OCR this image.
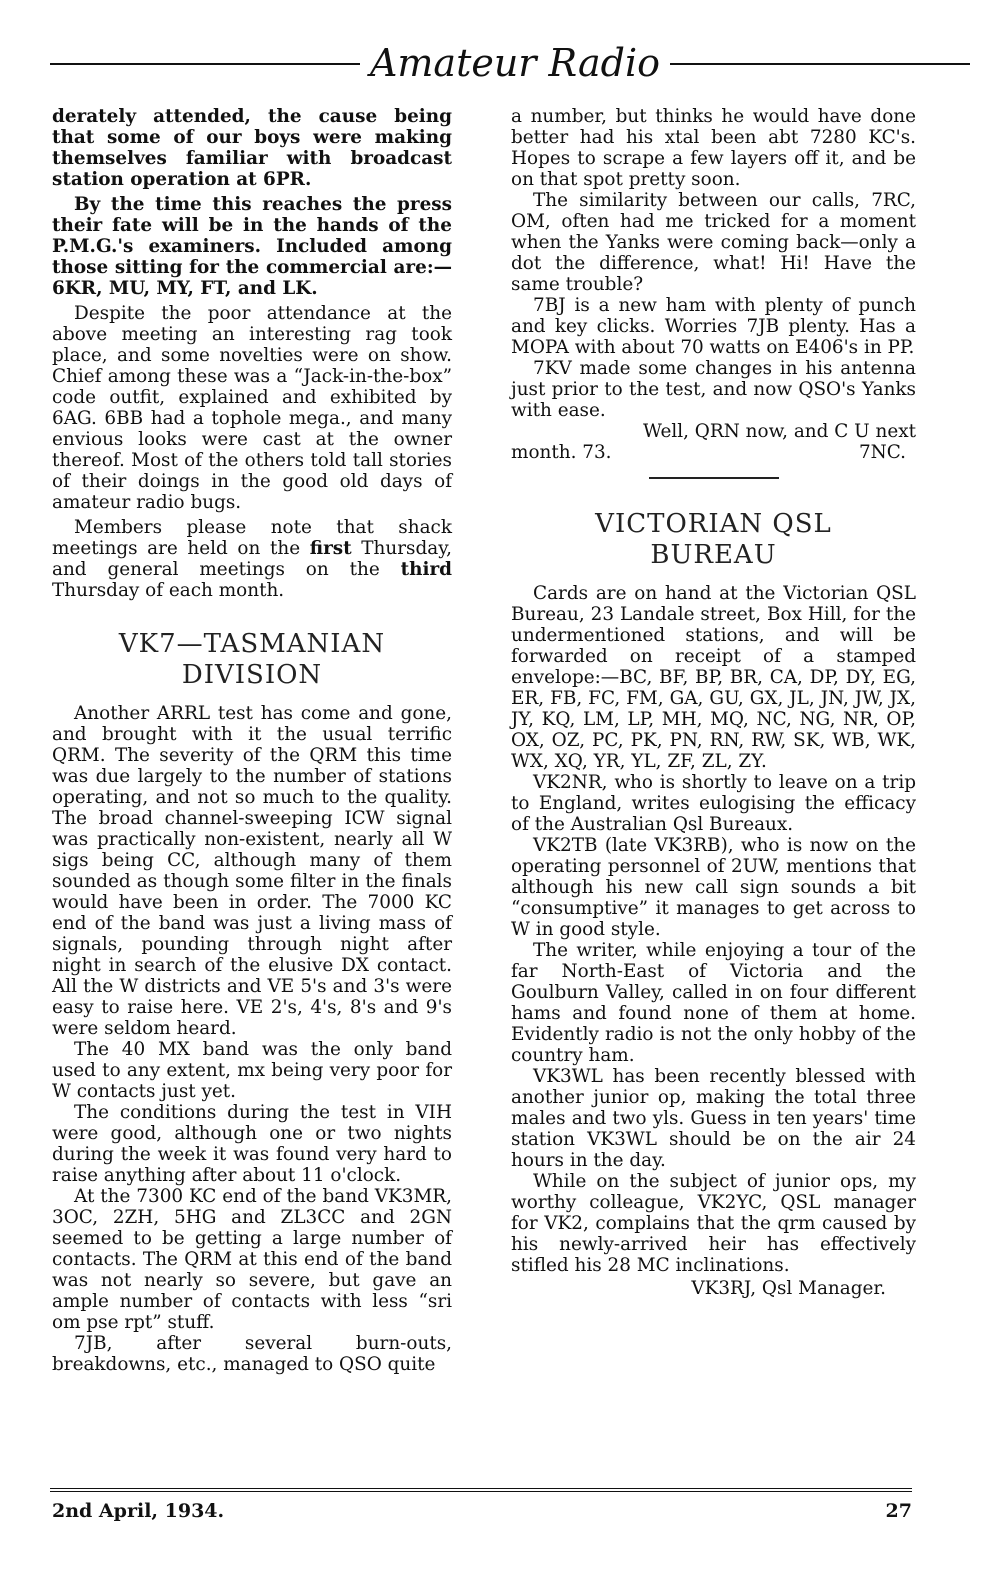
Amateur Radio

derately attended, the cause being that some of our boys were making themselves familiar with broadcast station operation at 6PR.

By the time this reaches the press their fate will be in the hands of the P.M.G.'s examiners. Included among those sitting for the commercial are:— 6KR, MU, MY, FT, and LK.

Despite the poor attendance at the above meeting an interesting rag took place, and some novelties were on show. Chief among these was a “Jack-in-the-box” code outfit, explained and exhibited by 6AG. 6BB had a tophole mega., and many envious looks were cast at the owner thereof. Most of the others told tall stories of their doings in the good old days of amateur radio bugs.

Members please note that shack meetings are held on the first Thursday, and general meetings on the third Thursday of each month.

VK7—TASMANIAN
DIVISION

Another ARRL test has come and gone, and brought with it the usual terrific QRM. The severity of the QRM this time was due largely to the number of stations operating, and not so much to the quality. The broad channel-sweeping ICW signal was practically non-existent, nearly all W sigs being CC, although many of them sounded as though some filter in the finals would have been in order. The 7000 KC end of the band was just a living mass of signals, pounding through night after night in search of the elusive DX contact. All the W districts and VE 5's and 3's were easy to raise here. VE 2's, 4's, 8's and 9's were seldom heard.

The 40 MX band was the only band used to any extent, mx being very poor for W contacts just yet.

The conditions during the test in VIH were good, although one or two nights during the week it was found very hard to raise anything after about 11 o'clock.

At the 7300 KC end of the band VK3MR, 3OC, 2ZH, 5HG and ZL3CC and 2GN seemed to be getting a large number of contacts. The QRM at this end of the band was not nearly so severe, but gave an ample number of contacts with less “sri om pse rpt” stuff.

7JB, after several burn-outs, breakdowns, etc., managed to QSO quite

a number, but thinks he would have done better had his xtal been abt 7280 KC's. Hopes to scrape a few layers off it, and be on that spot pretty soon.

The similarity between our calls, 7RC, OM, often had me tricked for a moment when the Yanks were coming back—only a dot the difference, what! Hi! Have the same trouble?

7BJ is a new ham with plenty of punch and key clicks. Worries 7JB plenty. Has a MOPA with about 70 watts on E406's in PP.

7KV made some changes in his antenna just prior to the test, and now QSO's Yanks with ease.

Well, QRN now, and C U next

month. 73.	7NC.
VICTORIAN QSL
BUREAU

Cards are on hand at the Victorian QSL Bureau, 23 Landale street, Box Hill, for the undermentioned stations, and will be forwarded on receipt of a stamped envelope:—BC, BF, BP, BR, CA, DP, DY, EG, ER, FB, FC, FM, GA, GU, GX, JL, JN, JW, JX, JY, KQ, LM, LP, MH, MQ, NC, NG, NR, OP, OX, OZ, PC, PK, PN, RN, RW, SK, WB, WK, WX, XQ, YR, YL, ZF, ZL, ZY.

VK2NR, who is shortly to leave on a trip to England, writes eulogising the efficacy of the Australian Qsl Bureaux.

VK2TB (late VK3RB), who is now on the operating personnel of 2UW, mentions that although his new call sign sounds a bit “consumptive” it manages to get across to W in good style.

The writer, while enjoying a tour of the far North-East of Victoria and the Goulburn Valley, called in on four different hams and found none of them at home. Evidently radio is not the only hobby of the country ham.

VK3WL has been recently blessed with another junior op, making the total three males and two yls. Guess in ten years' time station VK3WL should be on the air 24 hours in the day.

While on the subject of junior ops, my worthy colleague, VK2YC, QSL manager for VK2, complains that the qrm caused by his newly-arrived heir has effectively stifled his 28 MC inclinations.

VK3RJ, Qsl Manager.
2nd April, 1934.	27
